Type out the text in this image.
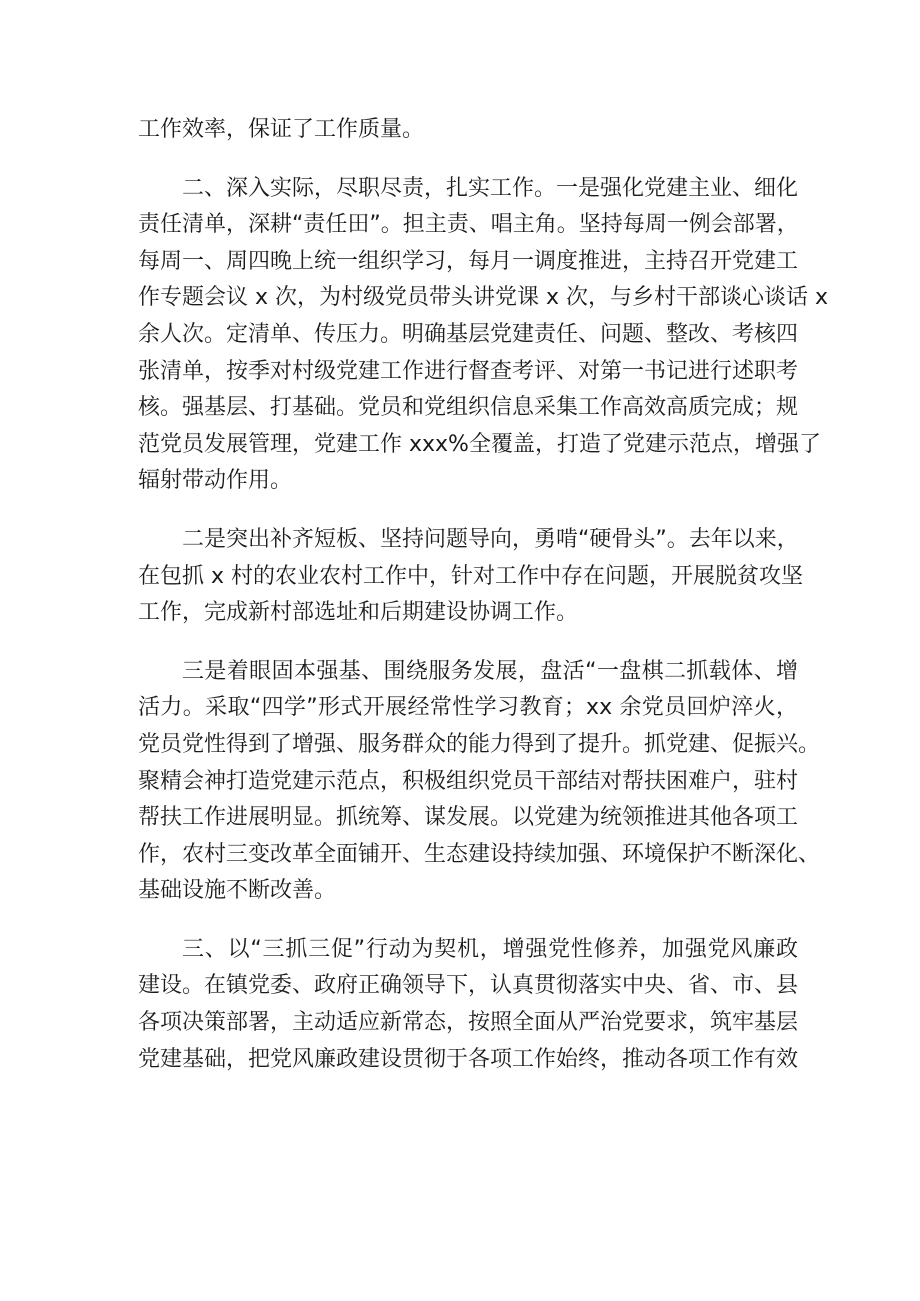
工作效率，保证了工作质量。
二、深入实际，尽职尽责，扎实工作。一是强化党建主业、细化
责任清单，深耕“责任田”。担主责、唱主角。坚持每周一例会部署，
每周一、周四晚上统一组织学习，每月一调度推进，主持召开党建工
作专题会议 x 次，为村级党员带头讲党课 x 次，与乡村干部谈心谈话 x
余人次。定清单、传压力。明确基层党建责任、问题、整改、考核四
张清单，按季对村级党建工作进行督查考评、对第一书记进行述职考
核。强基层、打基础。党员和党组织信息采集工作高效高质完成；规
范党员发展管理，党建工作 xxx%全覆盖，打造了党建示范点，增强了
辐射带动作用。
二是突出补齐短板、坚持问题导向，勇啃“硬骨头”。去年以来，
在包抓 x 村的农业农村工作中，针对工作中存在问题，开展脱贫攻坚
工作，完成新村部选址和后期建设协调工作。
三是着眼固本强基、围绕服务发展，盘活“一盘棋二抓载体、增
活力。采取“四学”形式开展经常性学习教育；xx 余党员回炉淬火，
党员党性得到了增强、服务群众的能力得到了提升。抓党建、促振兴。
聚精会神打造党建示范点，积极组织党员干部结对帮扶困难户，驻村
帮扶工作进展明显。抓统筹、谋发展。以党建为统领推进其他各项工
作，农村三变改革全面铺开、生态建设持续加强、环境保护不断深化、
基础设施不断改善。
三、以“三抓三促”行动为契机，增强党性修养，加强党风廉政
建设。在镇党委、政府正确领导下，认真贯彻落实中央、省、市、县
各项决策部署，主动适应新常态，按照全面从严治党要求，筑牢基层
党建基础，把党风廉政建设贯彻于各项工作始终，推动各项工作有效
